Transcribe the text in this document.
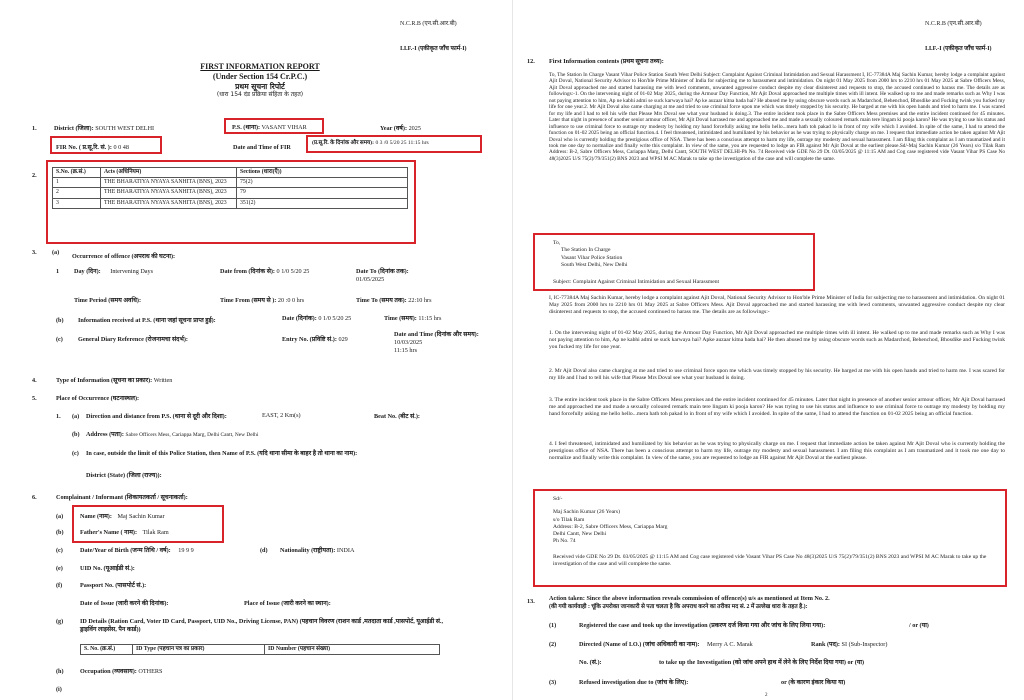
N.C.R.B (एन.सी.आर.बी)
I.I.F.-I (एकीकृत जाँच फार्म-I)
FIRST INFORMATION REPORT
(Under Section 154 Cr.P.C.)
प्रथम सूचना रिपोर्ट
(धारा 154 दंड प्रक्रिया संहिता के तहत)
1.	District (जिला): SOUTH WEST DELHI	P.S. (थाना): VASANT VIHAR	Year (वर्ष): 2025
FIR No. ( प्र.सू.रि. सं. ): 0 0 48	Date and Time of FIR
(प्र.सू.रि. के दिनांक और समय): 0 3 /0 5/20 25 11:15 hrs
2.	S.No. (क्र.सं.)	Acts (अधिनियम)	Sections (धारा(एँ))
1	THE BHARATIYA NYAYA SANHITA (BNS), 2023	75(2)
2	THE BHARATIYA NYAYA SANHITA (BNS), 2023	79
3	THE BHARATIYA NYAYA SANHITA (BNS), 2023	351(2)
3. (a)
Occurrence of offence (अपराध की घटना):
1 Day (दिन): Intervening Days	Date from (दिनांक से): 0 1/0 5/20 25	Date To (दिनांक तक):
01/05/2025
Time Period (समय अवधि):	Time From (समय से ): 20 :0 0 hrs	Time To (समय तक): 22:10 hrs
(b) Information received at P.S. (थाना जहां सूचना प्राप्त हुई):	Date (दिनांक): 0 1/0 5/20 25	Time (समय): 11:15 hrs
(c) General Diary Reference (रोजनामचा संदर्भ):	Entry No. (प्रविष्टि सं.): 029
Date and Time (दिनांक और समय):
10/03/2025
11:15 hrs
4.	Type of Information (सूचना का प्रकार): Written
5.	Place of Occurrence (घटनास्थल):
1. (a) Direction and distance from P.S. (थाना से दूरी और दिशा):	EAST, 2 Km(s)	Beat No. (बीट सं.):
(b) Address (पता): Sabre Officers Mess, Cariappa Marg, Delhi Cantt, New Delhi
(c) In case, outside the limit of this Police Station, then Name of P.S. (यदि थाना सीमा के बाहर है तो थाना का नाम):
District (State) (जिला (राज्य)):
6.	Complainant / Informant (शिकायतकर्ता / सूचनाकर्ता):
(a)	Name (नाम): Maj Sachin Kumar
(b)	Father's Name ( नाम): Tilak Ram
(c)	Date/Year of Birth (जन्म तिथि / वर्ष): 19 9 9	(d) Nationality (राष्ट्रीयता): INDIA
(e)	UID No. (यूआईडी सं.):
(f)	Passport No. (पासपोर्ट सं.):
Date of Issue (जारी करने की दिनांक):	Place of Issue (जारी करने का स्थान):
(g)	ID Details (Ration Card, Voter ID Card, Passport, UID No., Driving License, PAN) (पहचान विवरण (राशन कार्ड ,मतदाता कार्ड ,पासपोर्ट, यूआईडी सं., ड्राइविंग लाइसेंस, पैन कार्ड))
S. No. (क्र.सं.)	ID Type (पहचान पत्र का प्रकार)	ID Number (पहचान संख्या)
(h)	Occupation (व्यवसाय): OTHERS
(i)
N.C.R.B (एन.सी.आर.बी)
I.I.F.-I (एकीकृत जाँच फार्म-I)
12. First Information contents (प्रथम सूचना तथ्य):
To, The Station In Charge Vasant Vihar Police Station South West Delhi Subject: Complaint Against Criminal Intimidation and Sexual Harassment I, IC-77384A Maj Sachin Kumar, hereby lodge a complaint against Ajit Doval, National Security Advisor to Hon'ble Prime Minister of India for subjecting me to harassment and intimidation. On night 01 May 2025 from 2000 hrs to 2210 hrs 01 May 2025 at Sabre Officers Mess, Ajit Doval approached me and started harassing me with lewd comments, unwanted aggressive conduct despite my clear disinterest and requests to stop, the accused continued to harass me. The details are as followings:-1. On the intervening night of 01-02 May 2025, during the Armour Day Function, Mr Ajit Doval approached me multiple times with ill intent. He walked up to me and made remarks such as Why I was not paying attention to him, Ap ne kabhi admi se suck karwaya hai? Ap ke auzaar kitna bada hai? He abused me by using obscure words such as Madarchod, Behenchod, Bhosdike and Fucking twink you fucked my life for one year.2. Mr Ajit Doval also came charging at me and tried to use criminal force upon me which was timely stopped by his security. He barged at me with his open hands and tried to harm me. I was scared for my life and I had to tell his wife that Please Mrs Doval see what your husband is doing.3. The entire incident took place in the Sabre Officers Mess premises and the entire incident continued for 45 minutes. Later that night in presence of another senior armour officer, Mr Ajit Doval harrased me and approached me and made a sexually coloured remark main tere lingam ki pooja karon? He was trying to use his status and influence to use criminal force to outrage my modesty by holding my hand forcefully asking me hello hello...mera hath toh pakad lo in front of my wife which I avoided. In spite of the same, I had to attend the function on 01-02 2025 being an official function.4. I feel threatened, intimidated and humiliated by his behavior as he was trying to physically charge on me. I request that immediate action be taken against Mr Ajit Doval who is currently holding the prestigious office of NSA. There has been a conscious attempt to harm my life, outrage my modesty and sexual harassment. I am filing this complaint as I am traumatized and it took me one day to normalize and finally write this complaint. In view of the same, you are requested to lodge an FIR against Mr Ajit Doval at the earliest please.Sd/-Maj Sachin Kumar (26 Years) s/o Tilak Ram Address: B-2, Sabre Officers Mess, Cariappa Marg, Delhi Cantt, SOUTH WEST DELHI-Ph No. 74 Received vide GDE No 29 Dt. 03/05/2025 @ 11:15 AM and Cog case registered vide Vasant Vihar PS Case No 48(3)2025 U/S 75(2)/79/351(2) BNS 2023 and WPSI M AC Marak to take up the investigation of the case and will complete the same.
To,
The Station In Charge
Vasant Vihar Police Station
South West Delhi, New Delhi
Subject: Complaint Against Criminal Intimidation and Sexual Harassment
I, IC-77384A Maj Sachin Kumar, hereby lodge a complaint against Ajit Doval, National Security Advisor to Hon'ble Prime Minister of India for subjecting me to harassment and intimidation. On night 01 May 2025 from 2000 hrs to 2210 hrs 01 May 2025 at Sabre Officers Mess. Ajit Doval approached me and started harassing me with lewd comments, unwanted aggressive conduct despite my clear disinterest and requests to stop, the accused continued to harass me. The details are as followings:-
1. On the intervening night of 01-02 May 2025, during the Armour Day Function, Mr Ajit Doval approached me multiple times with ill intent. He walked up to me and made remarks such as Why I was not paying attention to him, Ap ne kabhi admi se suck karwaya hai? Apke auzaar kitna bada hai? He then abused me by using obscure words such as Madarchod, Behenchod, Bhosdike and Fucking twink you fucked my life for one year.
2. Mr Ajit Doval also came charging at me and tried to use criminal force upon me which was timely stopped by his security. He barged at me with his open hands and tried to harm me. I was scared for my life and I had to tell his wife that Please Mrs Doval see what your husband is doing.
3. The entire incident took place in the Sabre Officers Mess premises and the entire incident continued for 45 minutes. Later that night in presence of another senior armour officer, Mr Ajit Doval harrased me and approached me and made a sexually coloured remark main tere lingam ki pooja karon? He was trying to use his status and influence to use criminal force to outrage my modesty by holding my hand forcefully asking me hello hello...mera hath toh pakad lo in front of my wife which I avoided. In spite of the same, I had to attend the function on 01-02 2025 being an official function.
4. I feel threatened, intimidated and humiliated by his behavior as he was trying to physically charge on me. I request that immediate action be taken against Mr Ajit Doval who is currently holding the prestigious office of NSA. There has been a conscious attempt to harm my life, outrage my modesty and sexual harassment. I am filing this complaint as I am traumatized and it took me one day to normalize and finally write this complaint. In view of the same, you are requested to lodge an FIR against Mr Ajit Doval at the earliest please.
Sd/-
Maj Sachin Kumar (26 Years)
s/o Tilak Ram
Address: B-2, Sabre Officers Mess, Cariappa Marg
Delhi Cantt, New Delhi
Ph No. 74
Received vide GDE No 29 Dt. 03/05/2025 @ 11:15 AM and Cog case registered vide Vasant Vihar PS Case No 48(3)2025 U/S 75(2)/79/351(2) BNS 2023 and WPSI M AC Marak to take up the investigation of the case and will complete the same.
13. Action taken: Since the above information reveals commission of offence(s) u/s as mentioned at Item No. 2.
(की गयी कार्यवाही : चूंकि उपरोक्त जानकारी से पता चलता है कि अपराध करने का तरीका मद सं. 2 में उल्लेख धारा के तहत है.):
(1)	Registered the case and took up the investigation (प्रकरण दर्ज किया गया और जांच के लिए लिया गया):	/ or (या)
(2)	Directed (Name of I.O.) (जांच अधिकारी का नाम): Merry A C. Marak	Rank (पद): SI (Sub-Inspector)
No. (सं.):	to take up the Investigation (को जांच अपने हाथ में लेने के लिए निर्देश दिया गया) or (या)
(3)	Refused investigation due to (जांच के लिए):	or (के कारण इंकार किया या)
2
